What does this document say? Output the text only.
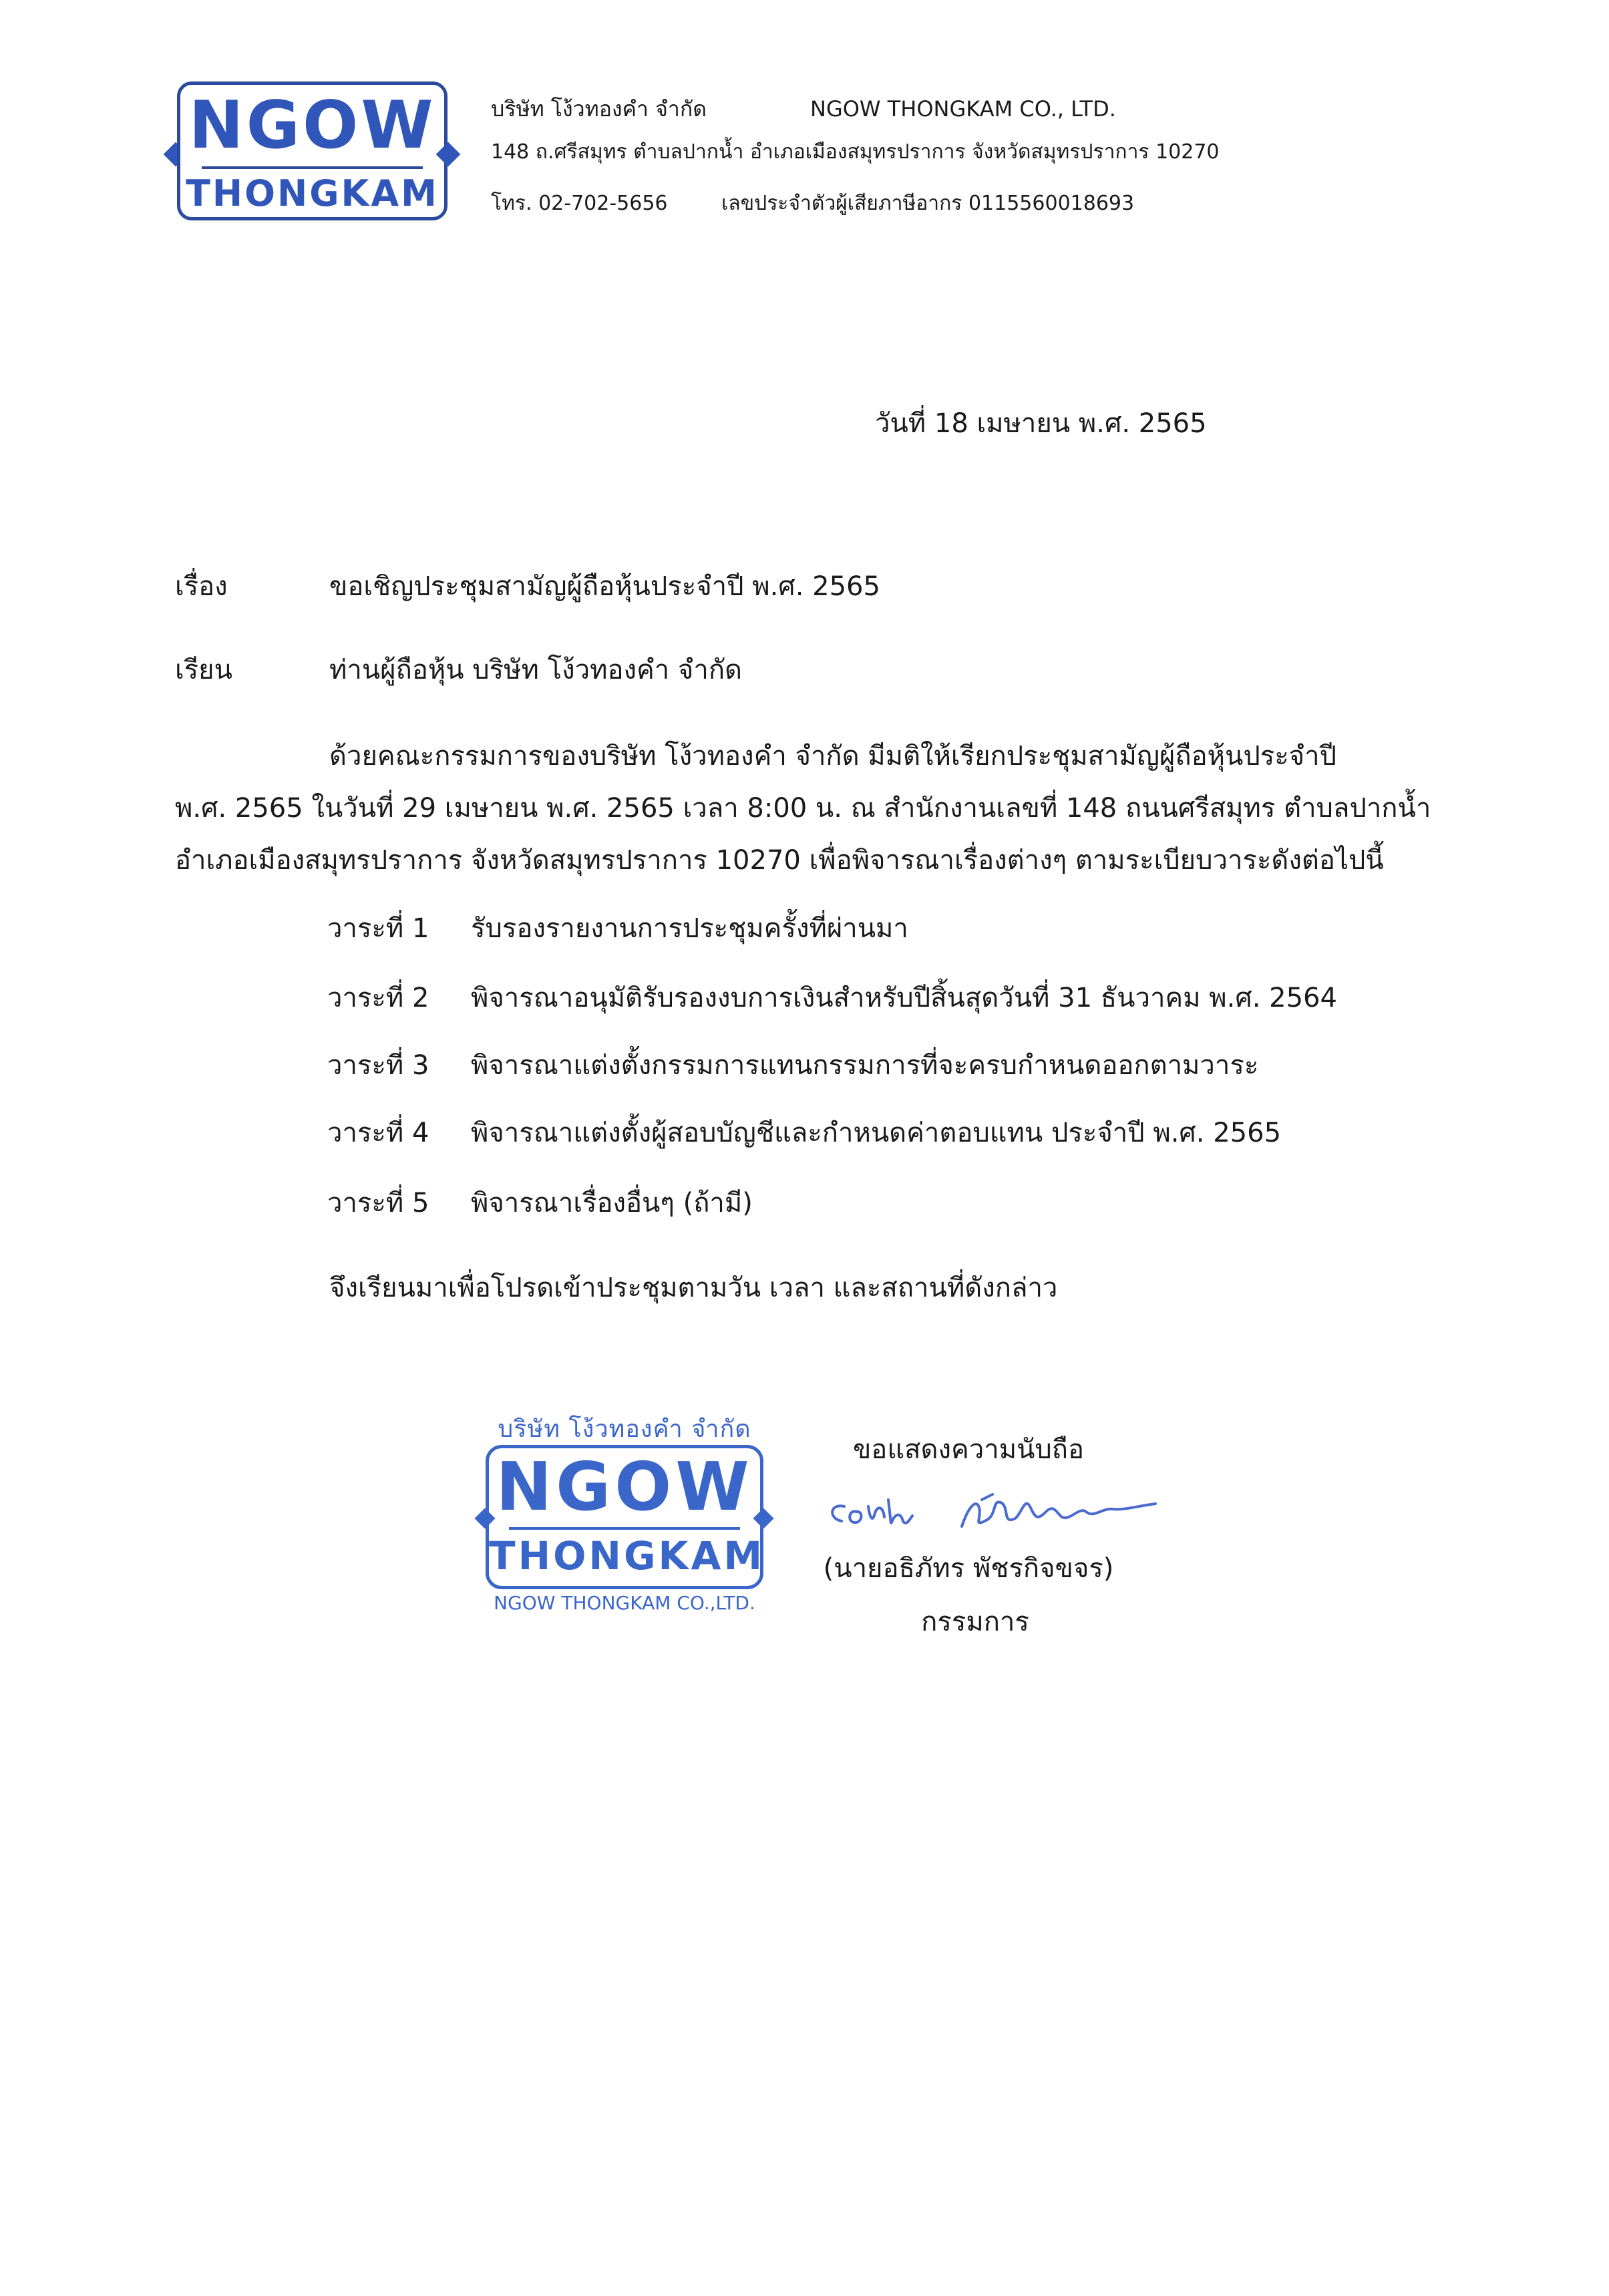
NGOW
THONGKAM
บริษัท โง้วทองคำ จำกัด	NGOW THONGKAM CO., LTD.
148 ถ.ศรีสมุทร ตำบลปากน้ำ อำเภอเมืองสมุทรปราการ จังหวัดสมุทรปราการ 10270
โทร. 02-702-5656	เลขประจำตัวผู้เสียภาษีอากร 0115560018693
วันที่ 18 เมษายน พ.ศ. 2565
เรื่อง	ขอเชิญประชุมสามัญผู้ถือหุ้นประจำปี พ.ศ. 2565
เรียน	ท่านผู้ถือหุ้น บริษัท โง้วทองคำ จำกัด
ด้วยคณะกรรมการของบริษัท โง้วทองคำ จำกัด มีมติให้เรียกประชุมสามัญผู้ถือหุ้นประจำปี
พ.ศ. 2565 ในวันที่ 29 เมษายน พ.ศ. 2565 เวลา 8:00 น. ณ สำนักงานเลขที่ 148 ถนนศรีสมุทร ตำบลปากน้ำ
อำเภอเมืองสมุทรปราการ จังหวัดสมุทรปราการ 10270 เพื่อพิจารณาเรื่องต่างๆ ตามระเบียบวาระดังต่อไปนี้
วาระที่ 1 รับรองรายงานการประชุมครั้งที่ผ่านมา
วาระที่ 2 พิจารณาอนุมัติรับรองงบการเงินสำหรับปีสิ้นสุดวันที่ 31 ธันวาคม พ.ศ. 2564
วาระที่ 3 พิจารณาแต่งตั้งกรรมการแทนกรรมการที่จะครบกำหนดออกตามวาระ
วาระที่ 4 พิจารณาแต่งตั้งผู้สอบบัญชีและกำหนดค่าตอบแทน ประจำปี พ.ศ. 2565
วาระที่ 5 พิจารณาเรื่องอื่นๆ (ถ้ามี)
จึงเรียนมาเพื่อโปรดเข้าประชุมตามวัน เวลา และสถานที่ดังกล่าว
บริษัท โง้วทองคำ จำกัด
NGOW
THONGKAM
NGOW THONGKAM CO.,LTD.
ขอแสดงความนับถือ
(นายอธิภัทร พัชรกิจขจร)
กรรมการ
